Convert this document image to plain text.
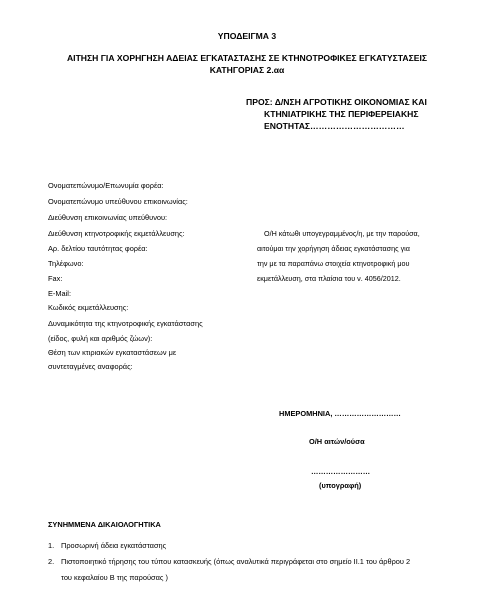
ΥΠΟΔΕΙΓΜΑ 3
ΑΙΤΗΣΗ ΓΙΑ ΧΟΡΗΓΗΣΗ ΑΔΕΙΑΣ ΕΓΚΑΤΑΣΤΑΣΗΣ ΣΕ ΚΤΗΝΟΤΡΟΦΙΚΕΣ ΕΓΚΑΤΥΣΤΑΣΕΙΣ
ΚΑΤΗΓΟΡΙΑΣ 2.αα
ΠΡΟΣ: Δ/ΝΣΗ ΑΓΡΟΤΙΚΗΣ ΟΙΚΟΝΟΜΙΑΣ ΚΑΙ
ΚΤΗΝΙΑΤΡΙΚΗΣ ΤΗΣ ΠΕΡΙΦΕΡΕΙΑΚΗΣ
ΕΝΟΤΗΤΑΣ……………………………
Ονοματεπώνυμο/Επωνυμία φορέα:
Ονοματεπώνυμο υπεύθυνου επικοινωνίας:
Διεύθυνση επικοινωνίας υπεύθυνου:
Διεύθυνση κτηνοτροφικής εκμετάλλευσης:
Αρ. δελτίου ταυτότητας φορέα:
Τηλέφωνο:
Fax:
E-Mail:
Κωδικός εκμετάλλευσης:
Δυναμικότητα της κτηνοτροφικής εγκατάστασης
(είδος, φυλή και αριθμός ζώων):
Θέση των κτιριακών εγκαταστάσεων με
συντεταγμένες αναφοράς:
Ο/Η κάτωθι υπογεγραμμένος/η, με την παρούσα,
αιτούμαι την χορήγηση άδειας εγκατάστασης για
την με τα παραπάνω στοιχεία κτηνοτροφική μου
εκμετάλλευση, στα πλαίσια του ν. 4056/2012.
ΗΜΕΡΟΜΗΝΙΑ, ………………………
Ο/Η αιτών/ούσα
……………………
(υπογραφή)
ΣΥΝΗΜΜΕΝΑ ΔΙΚΑΙΟΛΟΓΗΤΙΚΑ
1. Προσωρινή άδεια εγκατάστασης
2. Πιστοποιητικό τήρησης του τύπου κατασκευής (όπως αναλυτικά περιγράφεται στο σημείο ΙΙ.1 του άρθρου 2
του κεφαλαίου Β της παρούσας )
